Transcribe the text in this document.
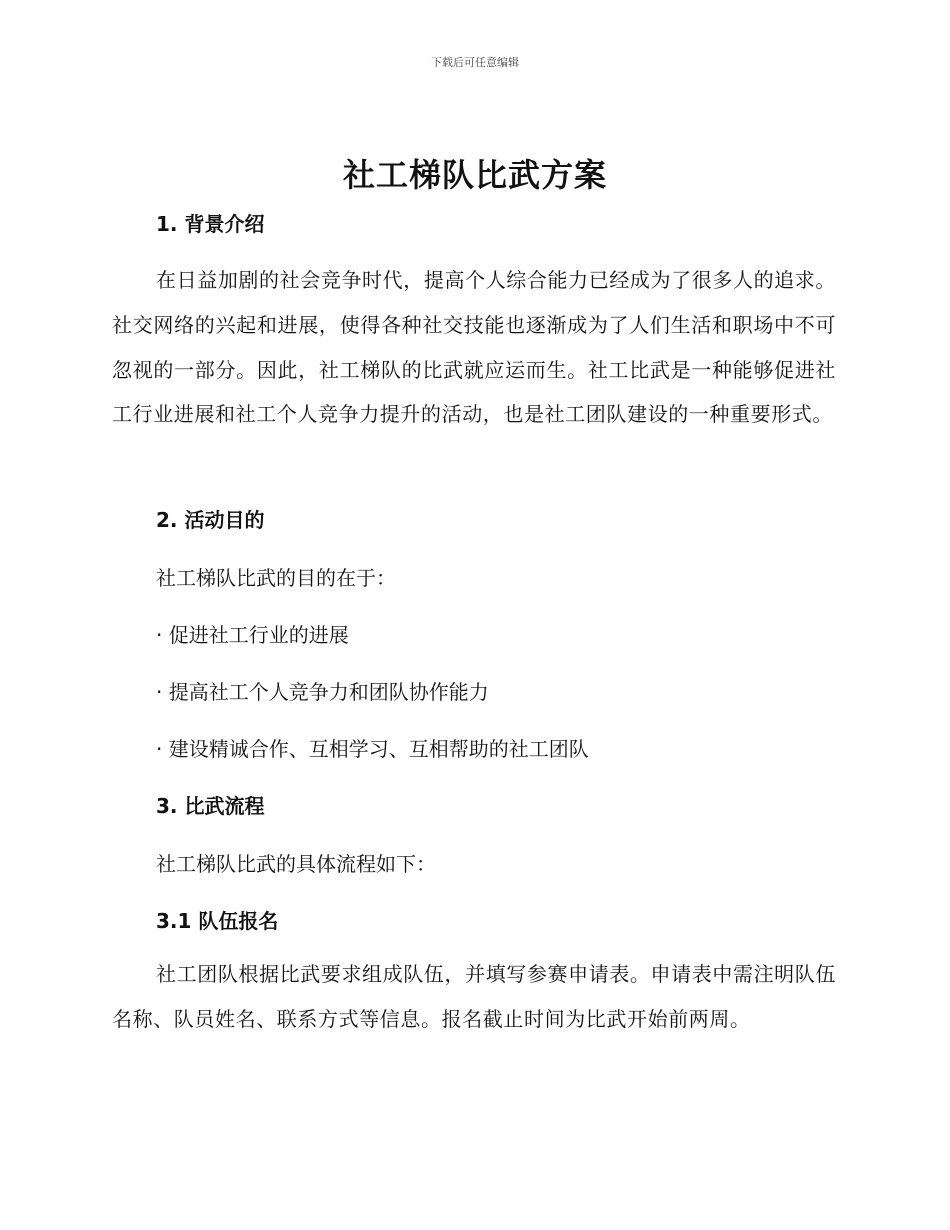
下载后可任意编辑
社工梯队比武方案
1. 背景介绍
在日益加剧的社会竞争时代，提高个人综合能力已经成为了很多人的追求。社交网络的兴起和进展，使得各种社交技能也逐渐成为了人们生活和职场中不可忽视的一部分。因此，社工梯队的比武就应运而生。社工比武是一种能够促进社工行业进展和社工个人竞争力提升的活动，也是社工团队建设的一种重要形式。
2. 活动目的
社工梯队比武的目的在于：
· 促进社工行业的进展
· 提高社工个人竞争力和团队协作能力
· 建设精诚合作、互相学习、互相帮助的社工团队
3. 比武流程
社工梯队比武的具体流程如下：
3.1 队伍报名
社工团队根据比武要求组成队伍，并填写参赛申请表。申请表中需注明队伍名称、队员姓名、联系方式等信息。报名截止时间为比武开始前两周。
